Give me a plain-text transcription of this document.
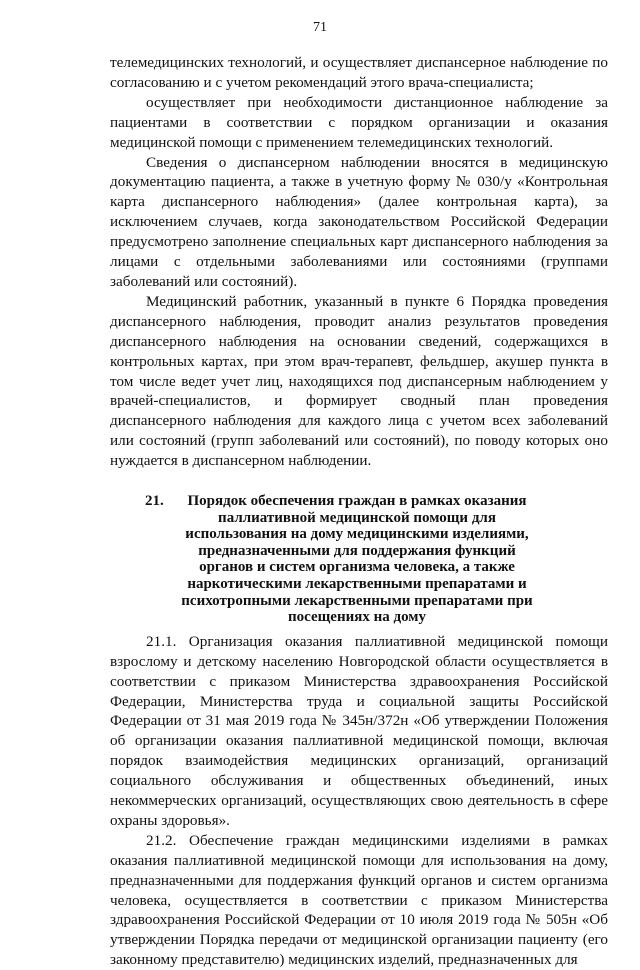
71

телемедицинских технологий, и осуществляет диспансерное наблюдение по согласованию и с учетом рекомендаций этого врача-специалиста;

осуществляет при необходимости дистанционное наблюдение за пациентами в соответствии с порядком организации и оказания медицинской помощи с применением телемедицинских технологий.

Сведения о диспансерном наблюдении вносятся в медицинскую документацию пациента, а также в учетную форму № 030/у «Контрольная карта диспансерного наблюдения» (далее контрольная карта), за исключением случаев, когда законодательством Российской Федерации предусмотрено заполнение специальных карт диспансерного наблюдения за лицами с отдельными заболеваниями или состояниями (группами заболеваний или состояний).

Медицинский работник, указанный в пункте 6 Порядка проведения диспансерного наблюдения, проводит анализ результатов проведения диспансерного наблюдения на основании сведений, содержащихся в контрольных картах, при этом врач-терапевт, фельдшер, акушер пункта в том числе ведет учет лиц, находящихся под диспансерным наблюдением у врачей-специалистов, и формирует сводный план проведения диспансерного наблюдения для каждого лица с учетом всех заболеваний или состояний (групп заболеваний или состояний), по поводу которых оно нуждается в диспансерном наблюдении.

21.	Порядок обеспечения граждан в рамках оказания паллиативной медицинской помощи для использования на дому медицинскими изделиями, предназначенными для поддержания функций органов и систем организма человека, а также наркотическими лекарственными препаратами и психотропными лекарственными препаратами при посещениях на дому

21.1. Организация оказания паллиативной медицинской помощи взрослому и детскому населению Новгородской области осуществляется в соответствии с приказом Министерства здравоохранения Российской Федерации, Министерства труда и социальной защиты Российской Федерации от 31 мая 2019 года № 345н/372н «Об утверждении Положения об организации оказания паллиативной медицинской помощи, включая порядок взаимодействия медицинских организаций, организаций социального обслуживания и общественных объединений, иных некоммерческих организаций, осуществляющих свою деятельность в сфере охраны здоровья».

21.2. Обеспечение граждан медицинскими изделиями в рамках оказания паллиативной медицинской помощи для использования на дому, предназначенными для поддержания функций органов и систем организма человека, осуществляется в соответствии с приказом Министерства здравоохранения Российской Федерации от 10 июля 2019 года № 505н «Об утверждении Порядка передачи от медицинской организации пациенту (его законному представителю) медицинских изделий, предназначенных для
